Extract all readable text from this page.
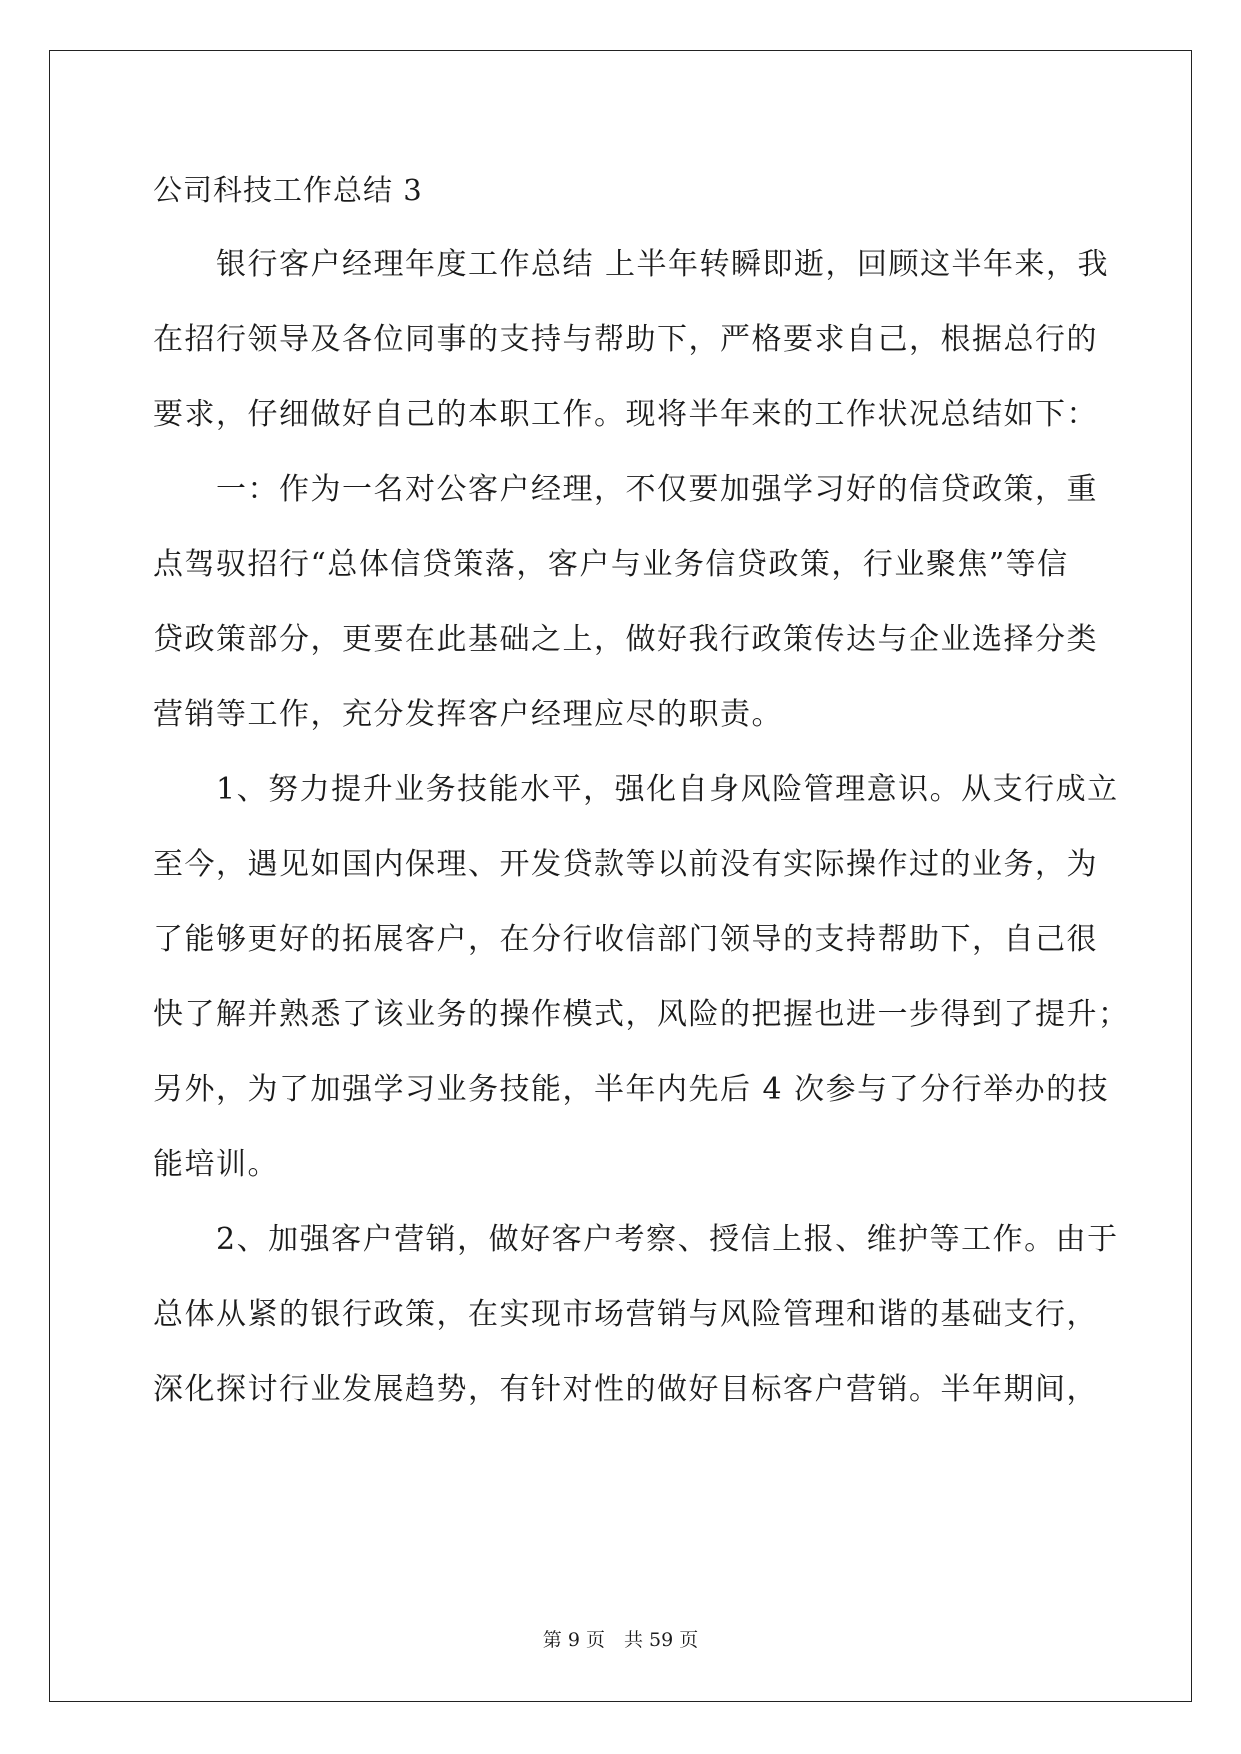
公司科技工作总结 3

　　银行客户经理年度工作总结 上半年转瞬即逝，回顾这半年来，我

在招行领导及各位同事的支持与帮助下，严格要求自己，根据总行的

要求，仔细做好自己的本职工作。现将半年来的工作状况总结如下：

　　一：作为一名对公客户经理，不仅要加强学习好的信贷政策，重

点驾驭招行“总体信贷策落，客户与业务信贷政策，行业聚焦”等信

贷政策部分，更要在此基础之上，做好我行政策传达与企业选择分类

营销等工作，充分发挥客户经理应尽的职责。

　　1、努力提升业务技能水平，强化自身风险管理意识。从支行成立

至今，遇见如国内保理、开发贷款等以前没有实际操作过的业务，为

了能够更好的拓展客户，在分行收信部门领导的支持帮助下，自己很

快了解并熟悉了该业务的操作模式，风险的把握也进一步得到了提升；

另外，为了加强学习业务技能，半年内先后 4 次参与了分行举办的技

能培训。

　　2、加强客户营销，做好客户考察、授信上报、维护等工作。由于

总体从紧的银行政策，在实现市场营销与风险管理和谐的基础支行，

深化探讨行业发展趋势，有针对性的做好目标客户营销。半年期间，

第 9 页　共 59 页
